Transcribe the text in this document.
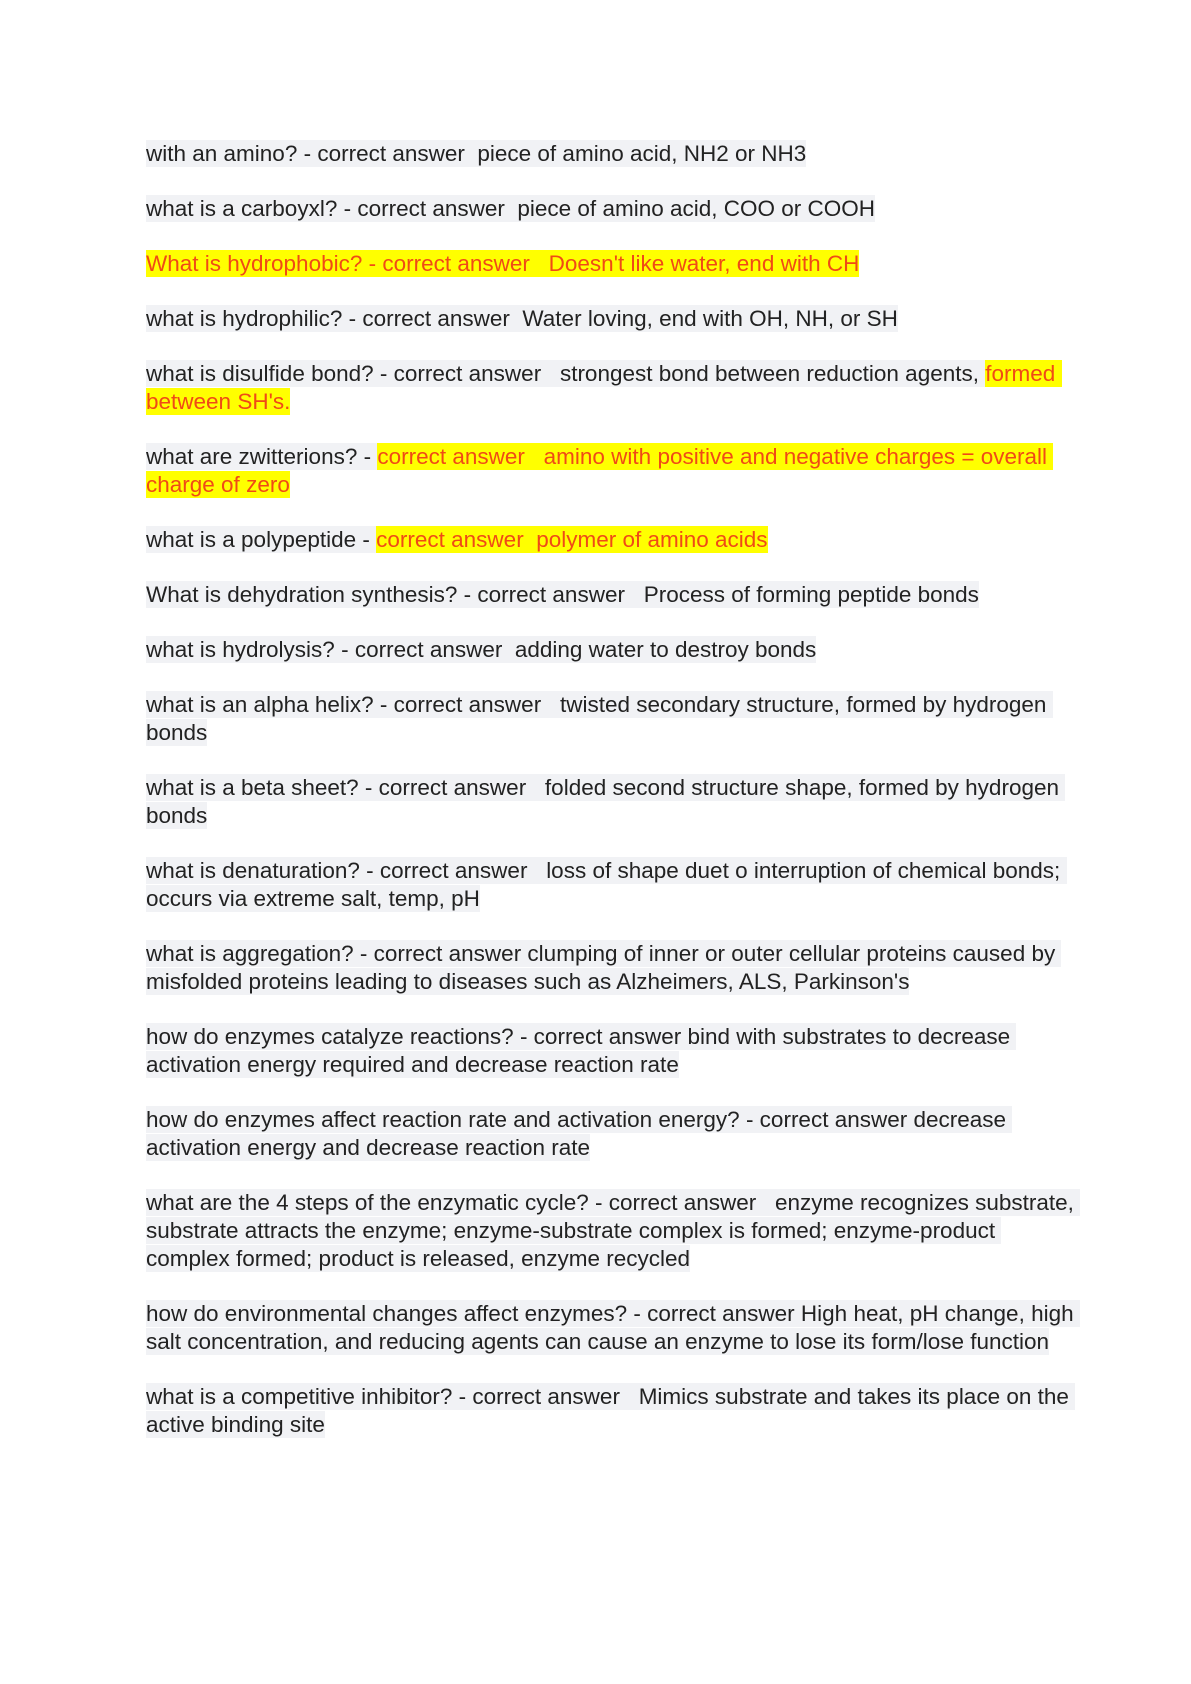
with an amino? - correct answer  piece of amino acid, NH2 or NH3

what is a carboyxl? - correct answer  piece of amino acid, COO or COOH

What is hydrophobic? - correct answer   Doesn't like water, end with CH

what is hydrophilic? - correct answer  Water loving, end with OH, NH, or SH

what is disulfide bond? - correct answer   strongest bond between reduction agents, formed between SH's.

what are zwitterions? - correct answer   amino with positive and negative charges = overall charge of zero

what is a polypeptide - correct answer  polymer of amino acids

What is dehydration synthesis? - correct answer   Process of forming peptide bonds

what is hydrolysis? - correct answer  adding water to destroy bonds

what is an alpha helix? - correct answer   twisted secondary structure, formed by hydrogen bonds

what is a beta sheet? - correct answer   folded second structure shape, formed by hydrogen bonds

what is denaturation? - correct answer   loss of shape duet o interruption of chemical bonds; occurs via extreme salt, temp, pH

what is aggregation? - correct answer clumping of inner or outer cellular proteins caused by misfolded proteins leading to diseases such as Alzheimers, ALS, Parkinson's

how do enzymes catalyze reactions? - correct answer bind with substrates to decrease activation energy required and decrease reaction rate

how do enzymes affect reaction rate and activation energy? - correct answer decrease activation energy and decrease reaction rate

what are the 4 steps of the enzymatic cycle? - correct answer   enzyme recognizes substrate, substrate attracts the enzyme; enzyme-substrate complex is formed; enzyme-product complex formed; product is released, enzyme recycled

how do environmental changes affect enzymes? - correct answer High heat, pH change, high salt concentration, and reducing agents can cause an enzyme to lose its form/lose function

what is a competitive inhibitor? - correct answer   Mimics substrate and takes its place on the active binding site
